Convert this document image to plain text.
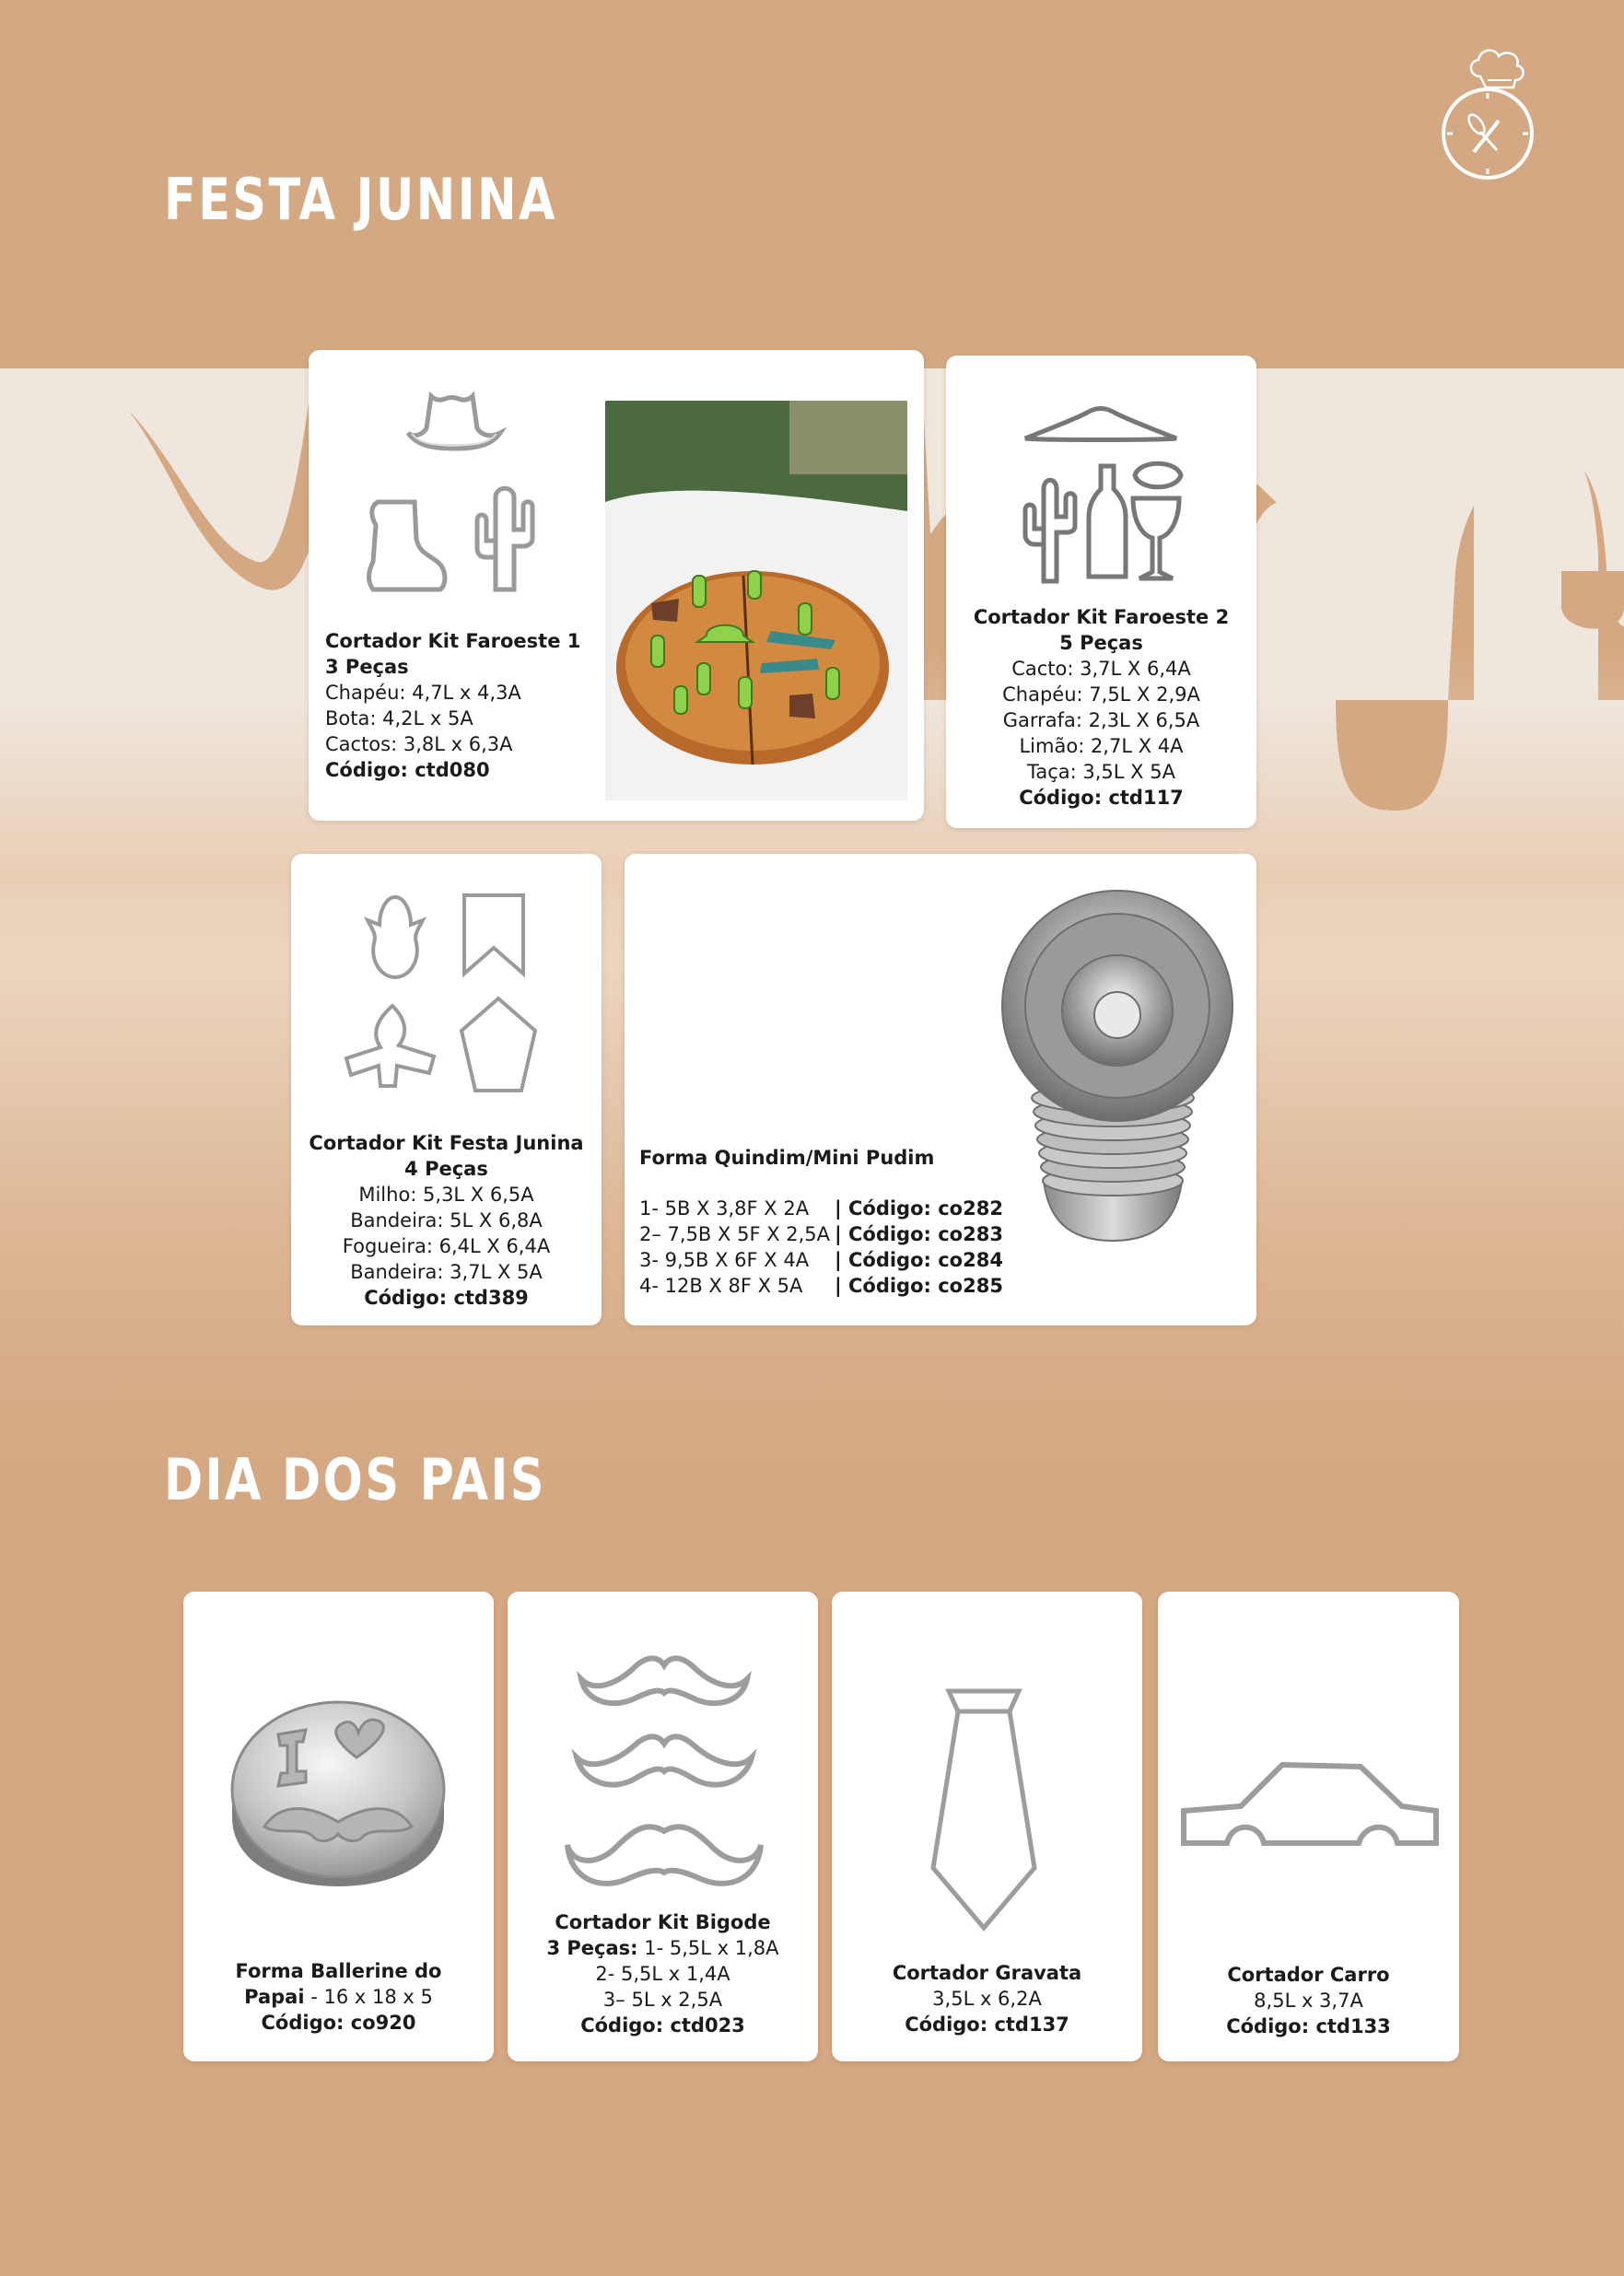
FESTA JUNINA
Cortador Kit Faroeste 1
3 Peças
Chapéu: 4,7L x 4,3A
Bota: 4,2L x 5A
Cactos: 3,8L x 6,3A
Código: ctd080
Cortador Kit Faroeste 2
5 Peças
Cacto: 3,7L X 6,4A
Chapéu: 7,5L X 2,9A
Garrafa: 2,3L X 6,5A
Limão: 2,7L X 4A
Taça: 3,5L X 5A
Código: ctd117
Cortador Kit Festa Junina
4 Peças
Milho: 5,3L X 6,5A
Bandeira: 5L X 6,8A
Fogueira: 6,4L X 6,4A
Bandeira: 3,7L X 5A
Código: ctd389
Forma Quindim/Mini Pudim
1- 5B X 3,8F X 2A | Código: co282
2– 7,5B X 5F X 2,5A | Código: co283
3- 9,5B X 6F X 4A | Código: co284
4- 12B X 8F X 5A | Código: co285
DIA DOS PAIS
Forma Ballerine do
Papai - 16 x 18 x 5
Código: co920
Cortador Kit Bigode
3 Peças: 1- 5,5L x 1,8A
2- 5,5L x 1,4A
3– 5L x 2,5A
Código: ctd023
Cortador Gravata
3,5L x 6,2A
Código: ctd137
Cortador Carro
8,5L x 3,7A
Código: ctd133
